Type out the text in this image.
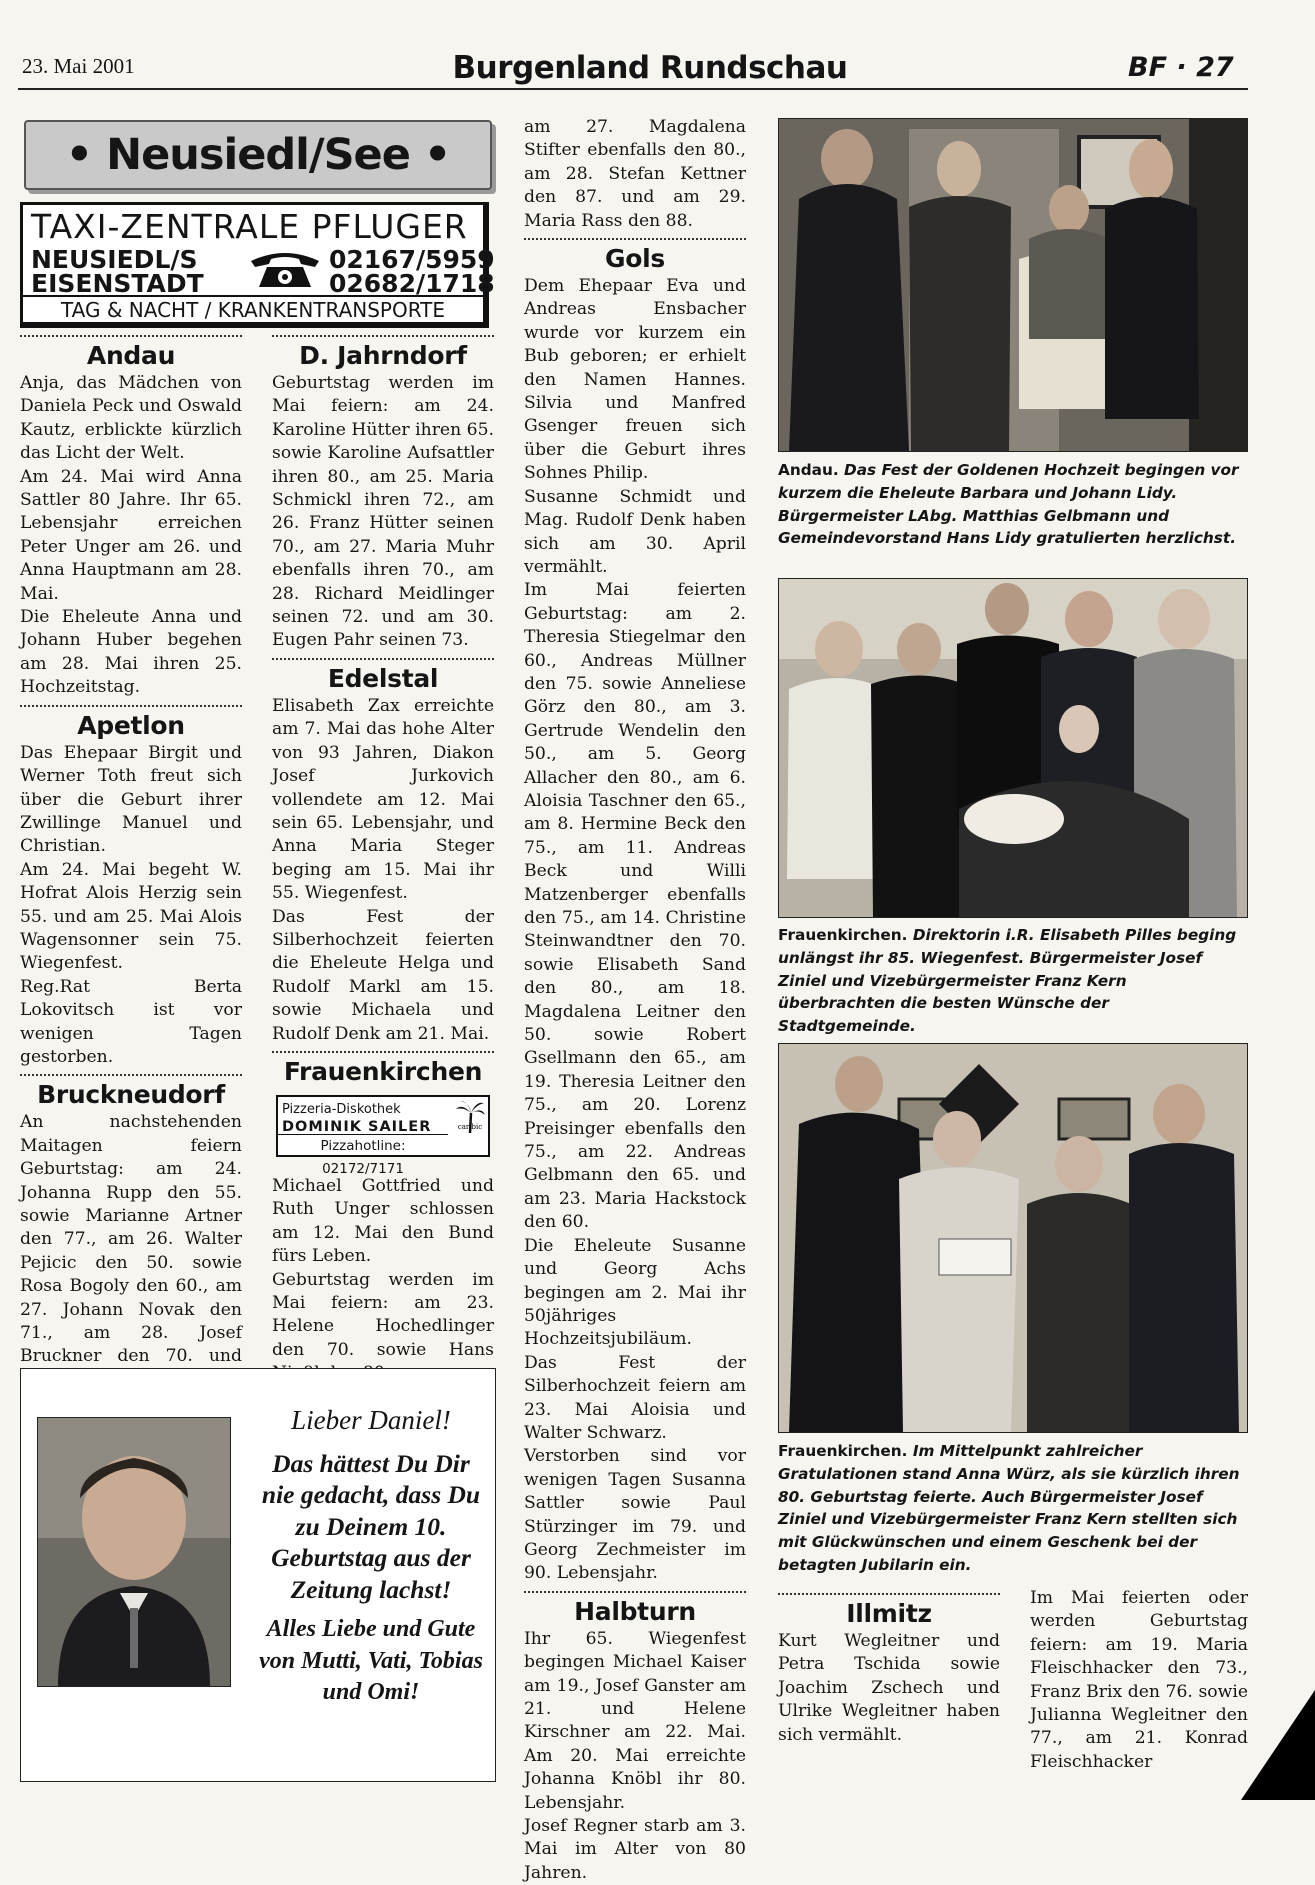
23. Mai 2001	Burgenland Rundschau	BF · 27
• Neusiedl/See •
TAXI-ZENTRALE PFLUGER
NEUSIEDL/S	02167/5959
EISENSTADT	02682/1718
TAG & NACHT / KRANKENTRANSPORTE
Andau

Anja, das Mädchen von Daniela Peck und Oswald Kautz, erblickte kürzlich das Licht der Welt.

Am 24. Mai wird Anna Sattler 80 Jahre. Ihr 65. Lebensjahr erreichen Peter Unger am 26. und Anna Hauptmann am 28. Mai.

Die Eheleute Anna und Johann Huber begehen am 28. Mai ihren 25. Hochzeitstag.

Apetlon

Das Ehepaar Birgit und Werner Toth freut sich über die Geburt ihrer Zwillinge Manuel und Christian.

Am 24. Mai begeht W. Hofrat Alois Herzig sein 55. und am 25. Mai Alois Wagensonner sein 75. Wiegenfest.

Reg.Rat Berta Lokovitsch ist vor wenigen Tagen gestorben.

Bruckneudorf

An nachstehenden Maitagen feiern Geburtstag: am 24. Johanna Rupp den 55. sowie Marianne Artner den 77., am 26. Walter Pejicic den 50. sowie Rosa Bogoly den 60., am 27. Johann Novak den 71., am 28. Josef Bruckner den 70. und

D. Jahrndorf

Geburtstag werden im Mai feiern: am 24. Karoline Hütter ihren 65. sowie Karoline Aufsattler ihren 80., am 25. Maria Schmickl ihren 72., am 26. Franz Hütter seinen 70., am 27. Maria Muhr ebenfalls ihren 70., am 28. Richard Meidlinger seinen 72. und am 30. Eugen Pahr seinen 73.

Edelstal

Elisabeth Zax erreichte am 7. Mai das hohe Alter von 93 Jahren, Diakon Josef Jurkovich vollendete am 12. Mai sein 65. Lebensjahr, und Anna Maria Steger beging am 15. Mai ihr 55. Wiegenfest.

Das Fest der Silberhochzeit feierten die Eheleute Helga und Rudolf Markl am 15. sowie Michaela und Rudolf Denk am 21. Mai.

Frauenkirchen
Pizzeria-Diskothek
DOMINIK SAILER
Pizzahotline: 02172/7171
caribic

Michael Gottfried und Ruth Unger schlossen am 12. Mai den Bund fürs Leben.

Geburtstag werden im Mai feiern: am 23. Helene Hochedlinger den 70. sowie Hans

am 27. Magdalena Stifter ebenfalls den 80., am 28. Stefan Kettner den 87. und am 29. Maria Rass den 88.

Gols

Dem Ehepaar Eva und Andreas Ensbacher wurde vor kurzem ein Bub geboren; er erhielt den Namen Hannes. Silvia und Manfred Gsenger freuen sich über die Geburt ihres Sohnes Philip.

Susanne Schmidt und Mag. Rudolf Denk haben sich am 30. April vermählt.

Im Mai feierten Geburtstag: am 2. Theresia Stiegelmar den 60., Andreas Müllner den 75. sowie Anneliese Görz den 80., am 3. Gertrude Wendelin den 50., am 5. Georg Allacher den 80., am 6. Aloisia Taschner den 65., am 8. Hermine Beck den 75., am 11. Andreas Beck und Willi Matzenberger ebenfalls den 75., am 14. Christine Steinwandtner den 70. sowie Elisabeth Sand den 80., am 18. Magdalena Leitner den 50. sowie Robert Gsellmann den 65., am 19. Theresia Leitner den 75., am 20. Lorenz Preisinger ebenfalls den 75., am 22. Andreas Gelbmann den 65. und am 23. Maria Hackstock den 60.

Die Eheleute Susanne und Georg Achs begingen am 2. Mai ihr 50jähriges Hochzeitsjubiläum.

Das Fest der Silberhochzeit feiern am 23. Mai Aloisia und Walter Schwarz.

Verstorben sind vor wenigen Tagen Susanna Sattler sowie Paul Stürzinger im 79. und Georg Zechmeister im 90. Lebensjahr.

Halbturn

Ihr 65. Wiegenfest begingen Michael Kaiser am 19., Josef Ganster am 21. und Helene Kirschner am 22. Mai. Am 20. Mai erreichte Johanna Knöbl ihr 80. Lebensjahr.

Josef Regner starb am 3. Mai im Alter von 80 Jahren.

Andau. Das Fest der Goldenen Hochzeit begingen vor kurzem die Eheleute Barbara und Johann Lidy. Bürgermeister LAbg. Matthias Gelbmann und Gemeindevorstand Hans Lidy gratulierten herzlichst.
Frauenkirchen. Direktorin i.R. Elisabeth Pilles beging unlängst ihr 85. Wiegenfest. Bürgermeister Josef Ziniel und Vizebürgermeister Franz Kern überbrachten die besten Wünsche der Stadtgemeinde.
Frauenkirchen. Im Mittelpunkt zahlreicher Gratulationen stand Anna Würz, als sie kürzlich ihren 80. Geburtstag feierte. Auch Bürgermeister Josef Ziniel und Vizebürgermeister Franz Kern stellten sich mit Glückwünschen und einem Geschenk bei der betagten Jubilarin ein.
Illmitz

Kurt Wegleitner und Petra Tschida sowie Joachim Zschech und Ulrike Wegleitner haben sich vermählt.

Im Mai feierten oder werden Geburtstag feiern: am 19. Maria Fleischhacker den 73., Franz Brix den 76. sowie Julianna Wegleitner den 77., am 21. Konrad Fleischhacker

Lieber Daniel!
Das hättest Du Dir nie gedacht, dass Du zu Deinem 10. Geburtstag aus der Zeitung lachst!
Alles Liebe und Gute von Mutti, Vati, Tobias und Omi!
